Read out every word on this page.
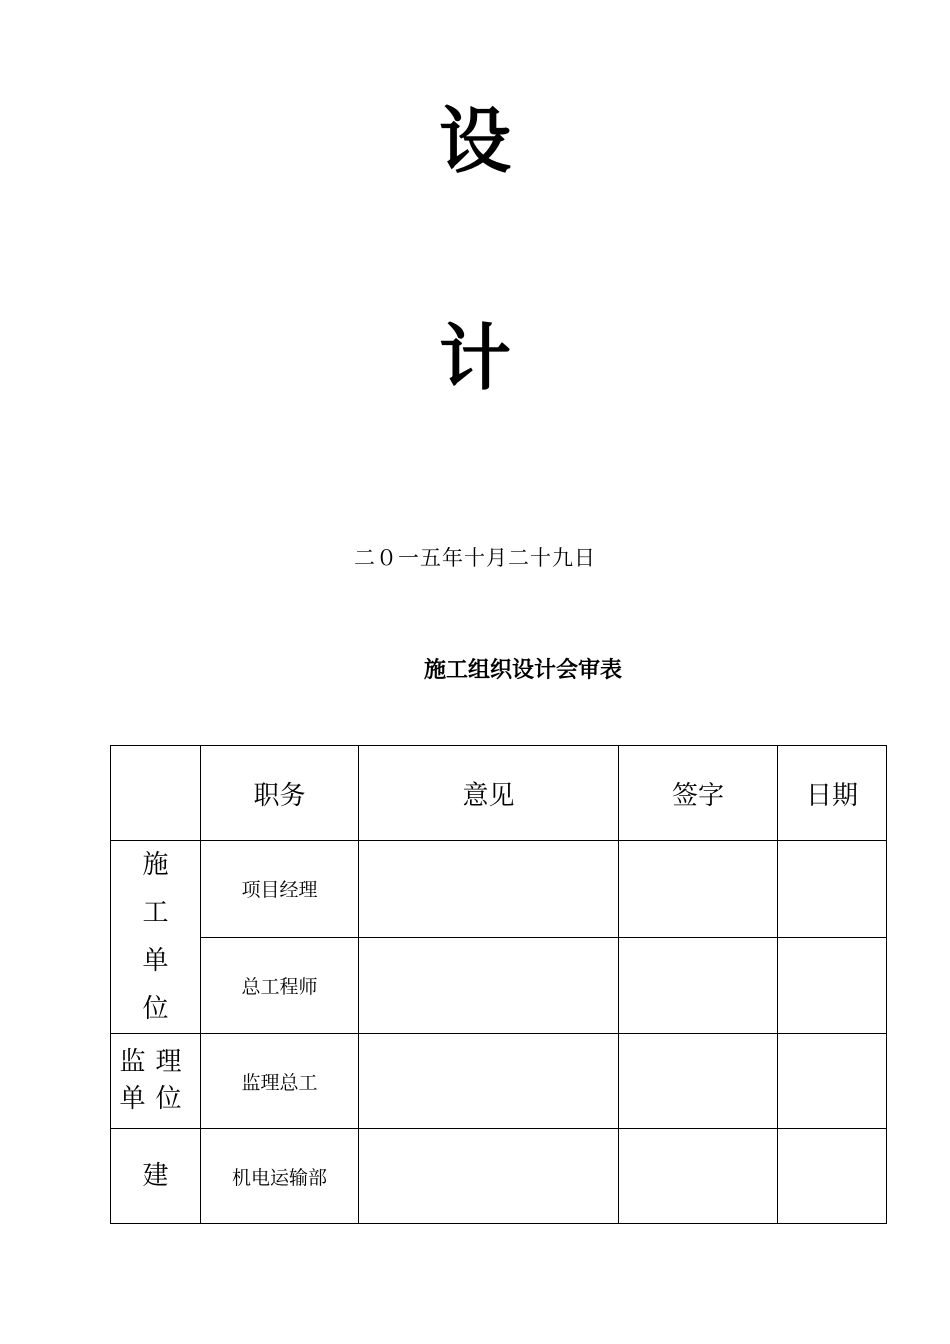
设
计
二０一五年十月二十九日
施工组织设计会审表
	职务	意见	签字	日期

施
工
单
位	项目经理			
	总工程师			

监理
单位	监理总工			
建	机电运输部			
